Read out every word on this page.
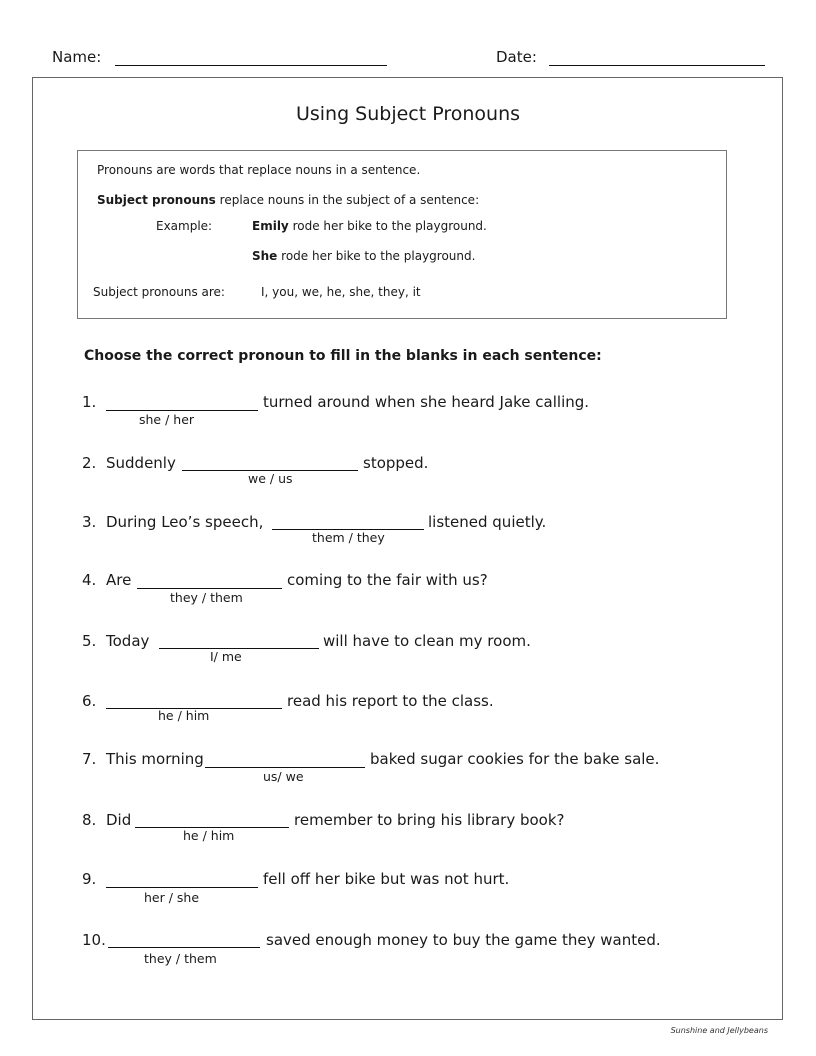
Name:	Date:
Using Subject Pronouns
Pronouns are words that replace nouns in a sentence.
Subject pronouns replace nouns in the subject of a sentence:
Example:	Emily rode her bike to the playground.
She rode her bike to the playground.
Subject pronouns are:	I, you, we, he, she, they, it
Choose the correct pronoun to fill in the blanks in each sentence:
1.	turned around when she heard Jake calling.
she / her
2. Suddenly	stopped.
we / us
3. During Leo’s speech,	listened quietly.
them / they
4. Are	coming to the fair with us?
they / them
5. Today	will have to clean my room.
I/ me
6.	read his report to the class.
he / him
7. This morning	baked sugar cookies for the bake sale.
us/ we
8. Did	remember to bring his library book?
he / him
9.	fell off her bike but was not hurt.
her / she
10.	saved enough money to buy the game they wanted.
they / them
Sunshine and Jellybeans
